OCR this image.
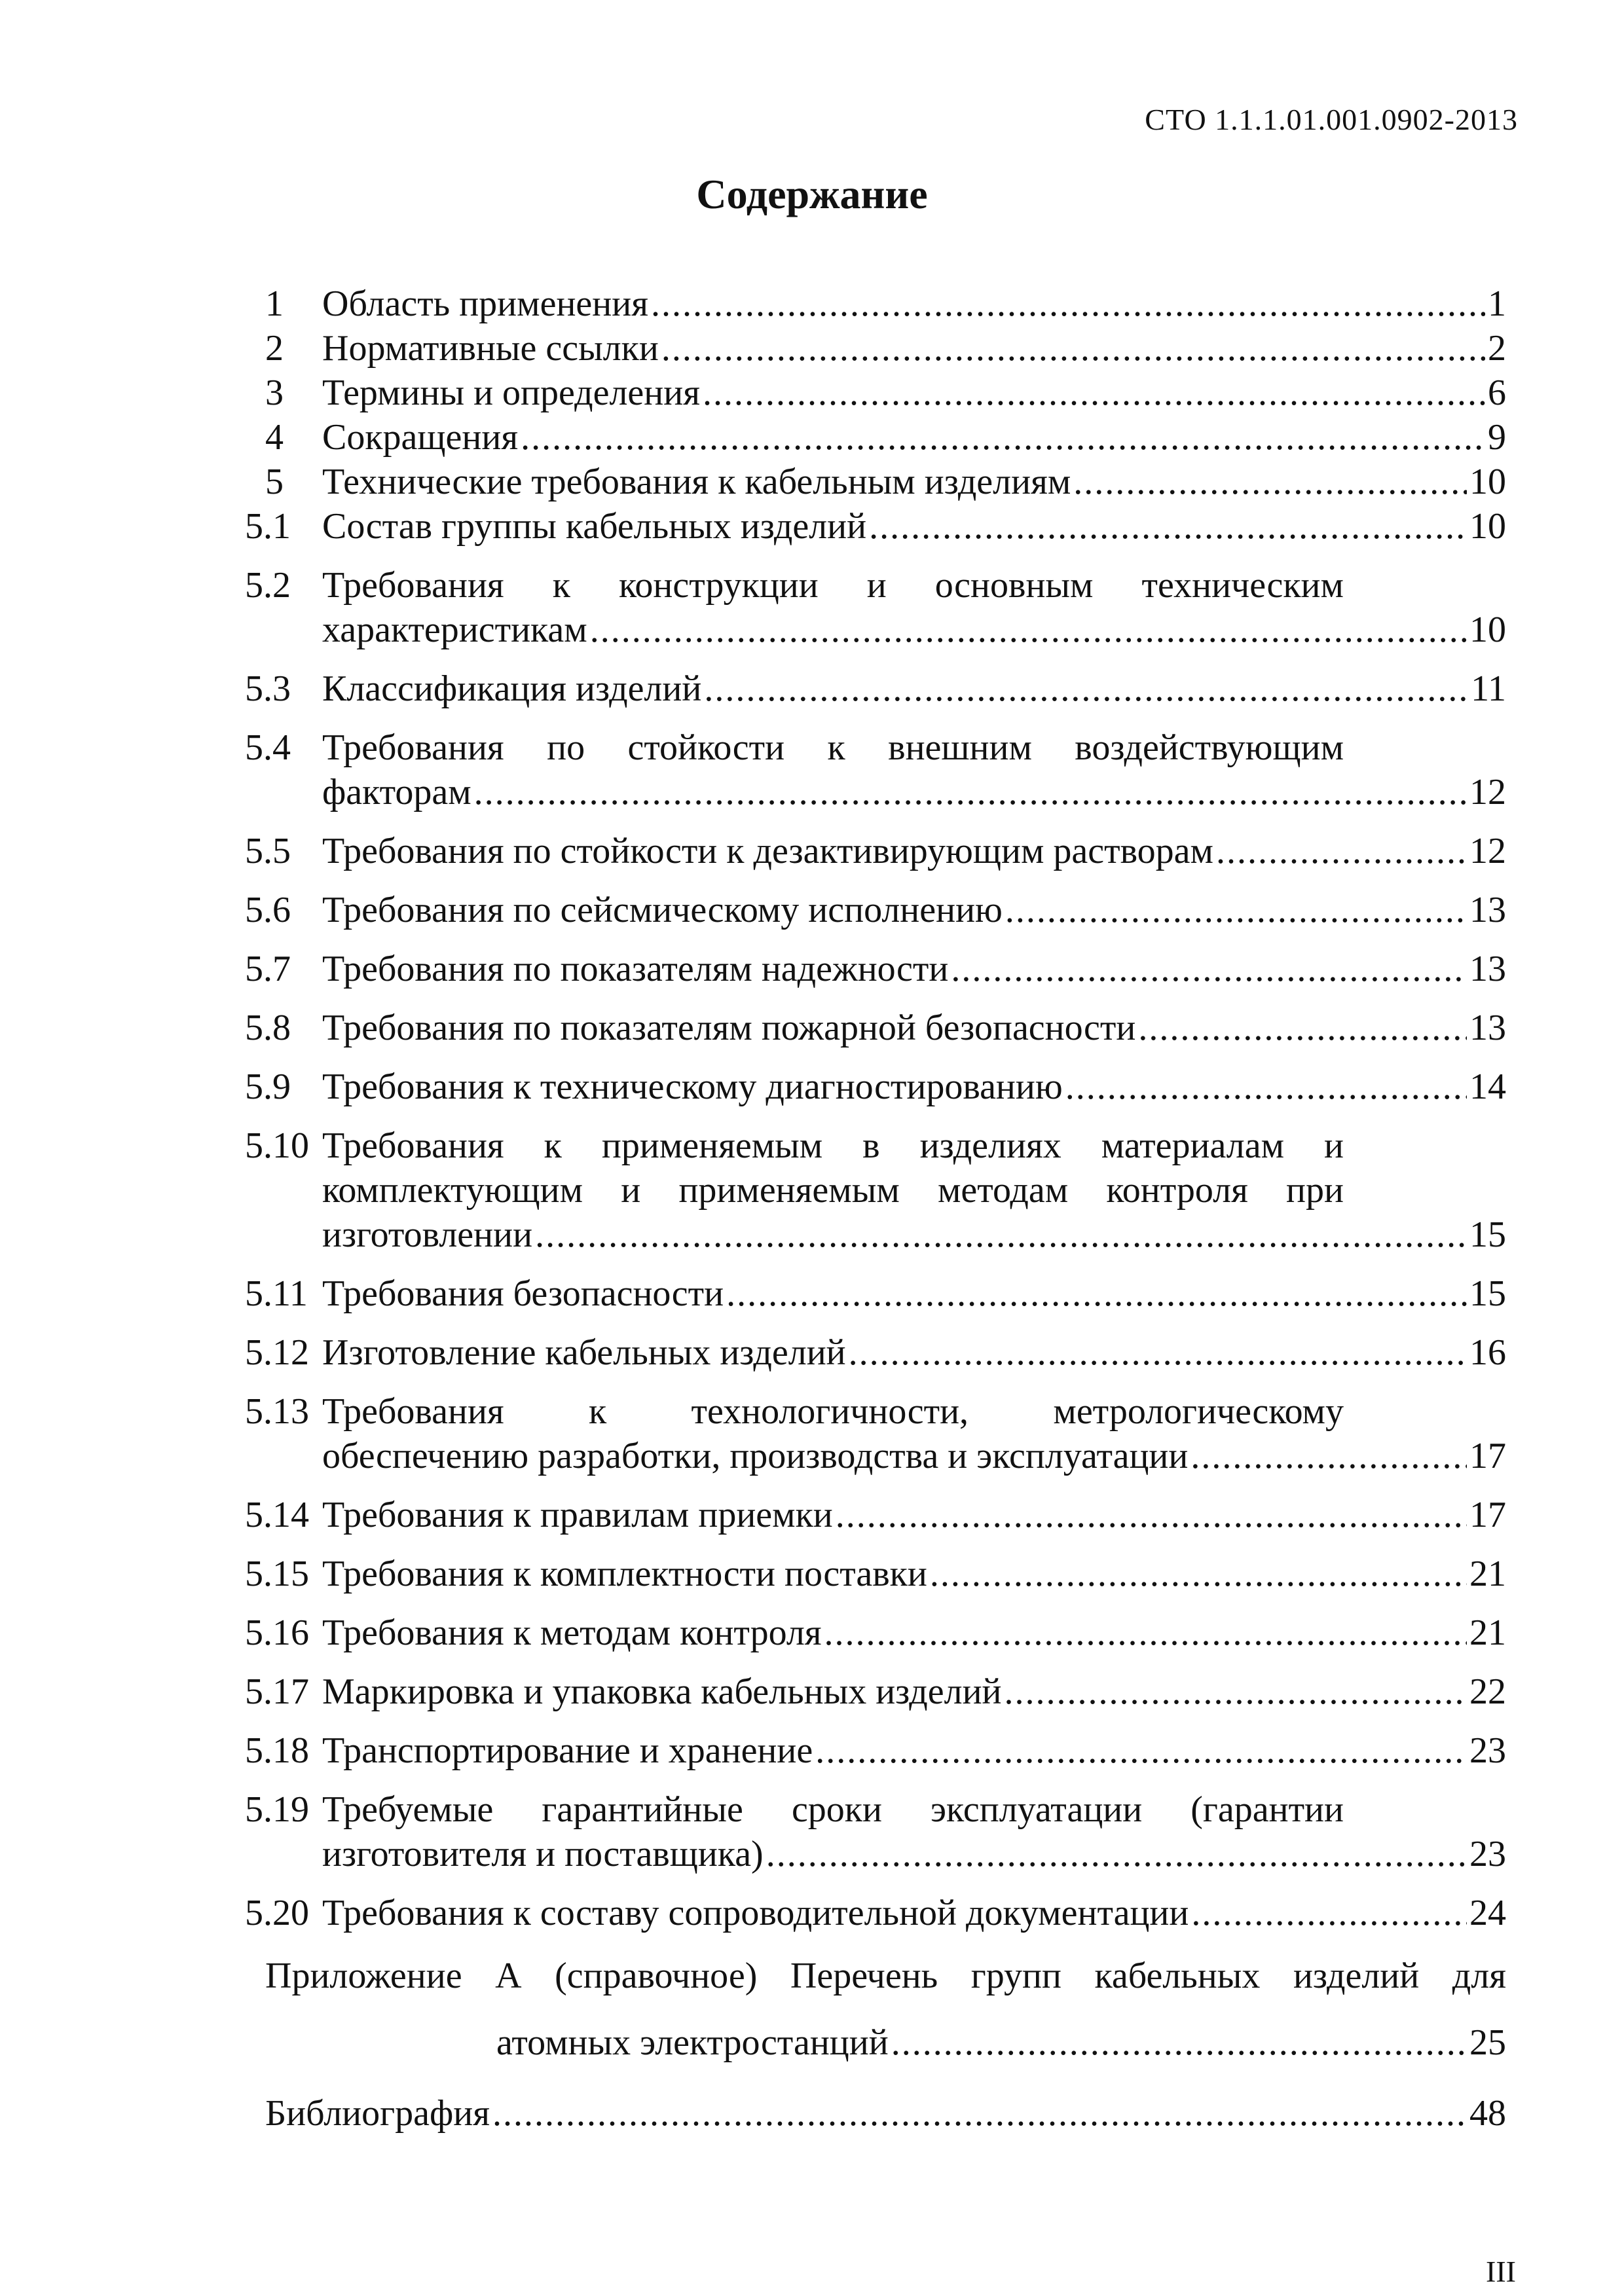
СТО 1.1.1.01.001.0902-2013
Содержание
1 Область применения .....	1
2 Нормативные ссылки .....	2
3 Термины и определения .....	6
4 Сокращения .....	9
5 Технические требования к кабельным изделиям .....	10
5.1 Состав группы кабельных изделий .....	10
5.2 Требования к конструкции и основным техническим
характеристикам .....	10
5.3 Классификация изделий .....	11
5.4 Требования по стойкости к внешним воздействующим
факторам .....	12
5.5 Требования по стойкости к дезактивирующим растворам .....	12
5.6 Требования по сейсмическому исполнению .....	13
5.7 Требования по показателям надежности .....	13
5.8 Требования по показателям пожарной безопасности .....	13
5.9 Требования к техническому диагностированию .....	14
5.10 Требования к применяемым в изделиях материалам и
комплектующим и применяемым методам контроля при
изготовлении .....	15
5.11 Требования безопасности .....	15
5.12 Изготовление кабельных изделий .....	16
5.13 Требования к технологичности, метрологическому
обеспечению разработки, производства и эксплуатации .....	17
5.14 Требования к правилам приемки .....	17
5.15 Требования к комплектности поставки .....	21
5.16 Требования к методам контроля .....	21
5.17 Маркировка и упаковка кабельных изделий .....	22
5.18 Транспортирование и хранение .....	23
5.19 Требуемые гарантийные сроки эксплуатации (гарантии
изготовителя и поставщика) .....	23
5.20 Требования к составу сопроводительной документации .....	24
Приложение А (справочное) Перечень групп кабельных изделий для
атомных электростанций .....	25
Библиография .....	48
III
